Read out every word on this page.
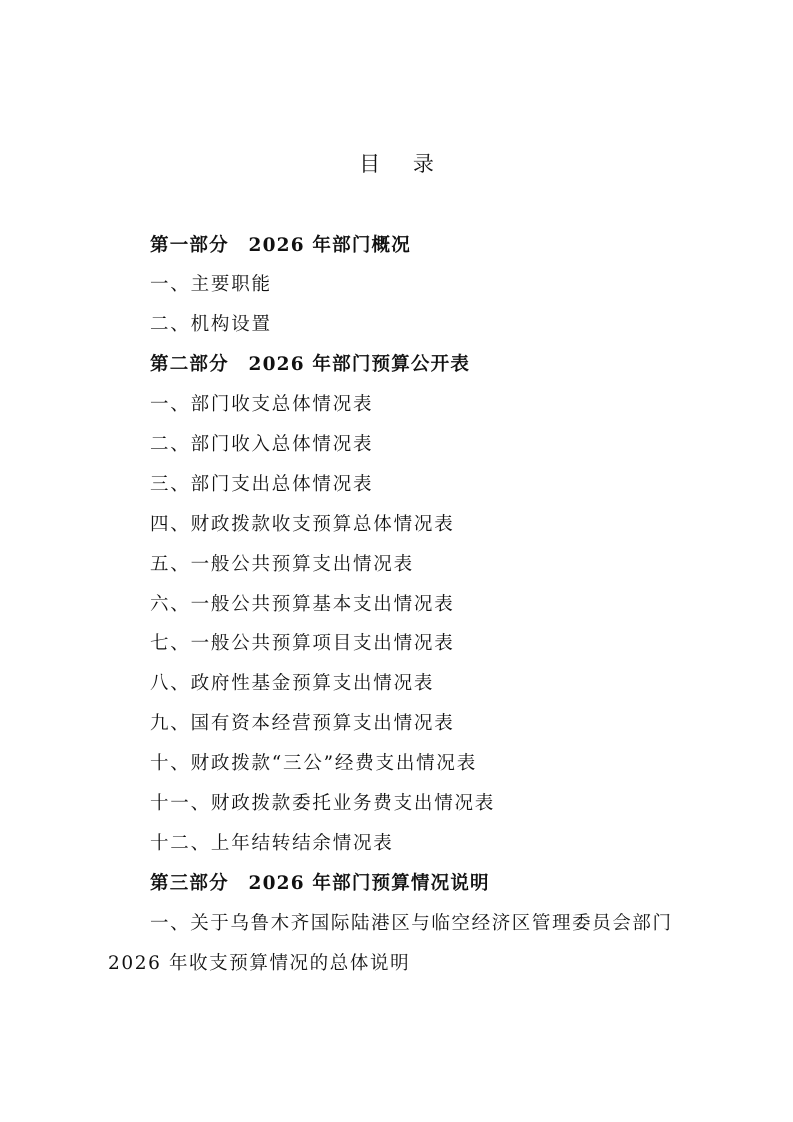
目 录
第一部分　2026 年部门概况
一、主要职能
二、机构设置
第二部分　2026 年部门预算公开表
一、部门收支总体情况表
二、部门收入总体情况表
三、部门支出总体情况表
四、财政拨款收支预算总体情况表
五、一般公共预算支出情况表
六、一般公共预算基本支出情况表
七、一般公共预算项目支出情况表
八、政府性基金预算支出情况表
九、国有资本经营预算支出情况表
十、财政拨款“三公”经费支出情况表
十一、财政拨款委托业务费支出情况表
十二、上年结转结余情况表
第三部分　2026 年部门预算情况说明
一、关于乌鲁木齐国际陆港区与临空经济区管理委员会部门 2026 年收支预算情况的总体说明
